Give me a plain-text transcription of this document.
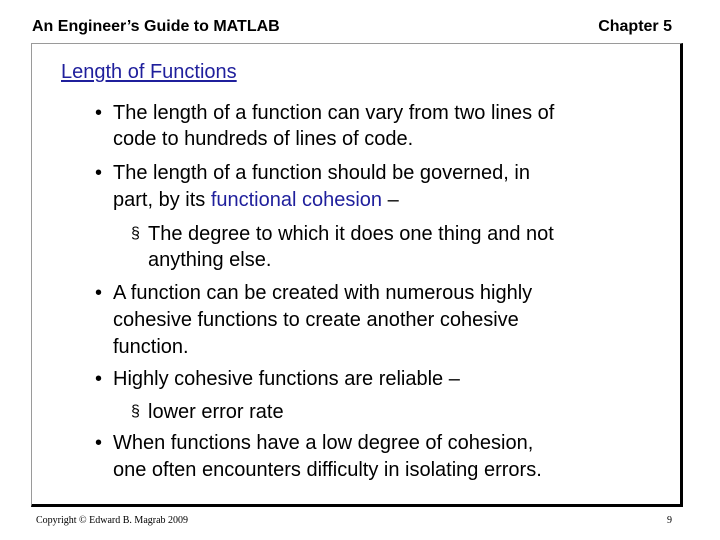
An Engineer’s Guide to MATLAB	Chapter 5
Length of Functions
• The length of a function can vary from two lines of
code to hundreds of lines of code.
• The length of a function should be governed, in
part, by its functional cohesion –
§ The degree to which it does one thing and not
anything else.
• A function can be created with numerous highly
cohesive functions to create another cohesive
function.
• Highly cohesive functions are reliable –
§ lower error rate
• When functions have a low degree of cohesion,
one often encounters difficulty in isolating errors.
Copyright © Edward B. Magrab 2009	9
